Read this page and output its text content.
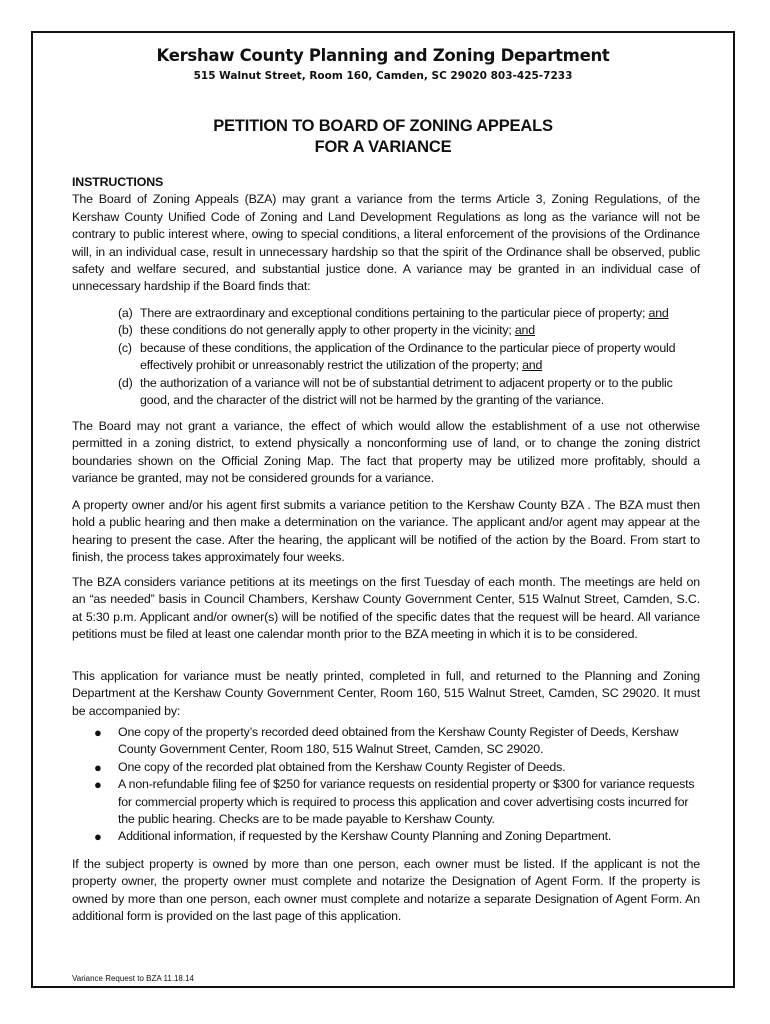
Kershaw County Planning and Zoning Department
515 Walnut Street, Room 160, Camden, SC 29020 803-425-7233
PETITION TO BOARD OF ZONING APPEALS
FOR A VARIANCE
INSTRUCTIONS

The Board of Zoning Appeals (BZA) may grant a variance from the terms Article 3, Zoning Regulations, of the Kershaw County Unified Code of Zoning and Land Development Regulations as long as the variance will not be contrary to public interest where, owing to special conditions, a literal enforcement of the provisions of the Ordinance will, in an individual case, result in unnecessary hardship so that the spirit of the Ordinance shall be observed, public safety and welfare secured, and substantial justice done. A variance may be granted in an individual case of unnecessary hardship if the Board finds that:

(a) There are extraordinary and exceptional conditions pertaining to the particular piece of property; and
(b) these conditions do not generally apply to other property in the vicinity; and
(c) because of these conditions, the application of the Ordinance to the particular piece of property would effectively prohibit or unreasonably restrict the utilization of the property; and
(d) the authorization of a variance will not be of substantial detriment to adjacent property or to the public good, and the character of the district will not be harmed by the granting of the variance.

The Board may not grant a variance, the effect of which would allow the establishment of a use not otherwise permitted in a zoning district, to extend physically a nonconforming use of land, or to change the zoning district boundaries shown on the Official Zoning Map. The fact that property may be utilized more profitably, should a variance be granted, may not be considered grounds for a variance.

A property owner and/or his agent first submits a variance petition to the Kershaw County BZA . The BZA must then hold a public hearing and then make a determination on the variance. The applicant and/or agent may appear at the hearing to present the case. After the hearing, the applicant will be notified of the action by the Board. From start to finish, the process takes approximately four weeks.

The BZA considers variance petitions at its meetings on the first Tuesday of each month. The meetings are held on an “as needed” basis in Council Chambers, Kershaw County Government Center, 515 Walnut Street, Camden, S.C. at 5:30 p.m. Applicant and/or owner(s) will be notified of the specific dates that the request will be heard. All variance petitions must be filed at least one calendar month prior to the BZA meeting in which it is to be considered.

This application for variance must be neatly printed, completed in full, and returned to the Planning and Zoning Department at the Kershaw County Government Center, Room 160, 515 Walnut Street, Camden, SC 29020. It must be accompanied by:

● One copy of the property’s recorded deed obtained from the Kershaw County Register of Deeds, Kershaw County Government Center, Room 180, 515 Walnut Street, Camden, SC 29020.
● One copy of the recorded plat obtained from the Kershaw County Register of Deeds.
● A non-refundable filing fee of $250 for variance requests on residential property or $300 for variance requests for commercial property which is required to process this application and cover advertising costs incurred for the public hearing. Checks are to be made payable to Kershaw County.
● Additional information, if requested by the Kershaw County Planning and Zoning Department.

If the subject property is owned by more than one person, each owner must be listed. If the applicant is not the property owner, the property owner must complete and notarize the Designation of Agent Form. If the property is owned by more than one person, each owner must complete and notarize a separate Designation of Agent Form. An additional form is provided on the last page of this application.

Variance Request to BZA 11.18.14
